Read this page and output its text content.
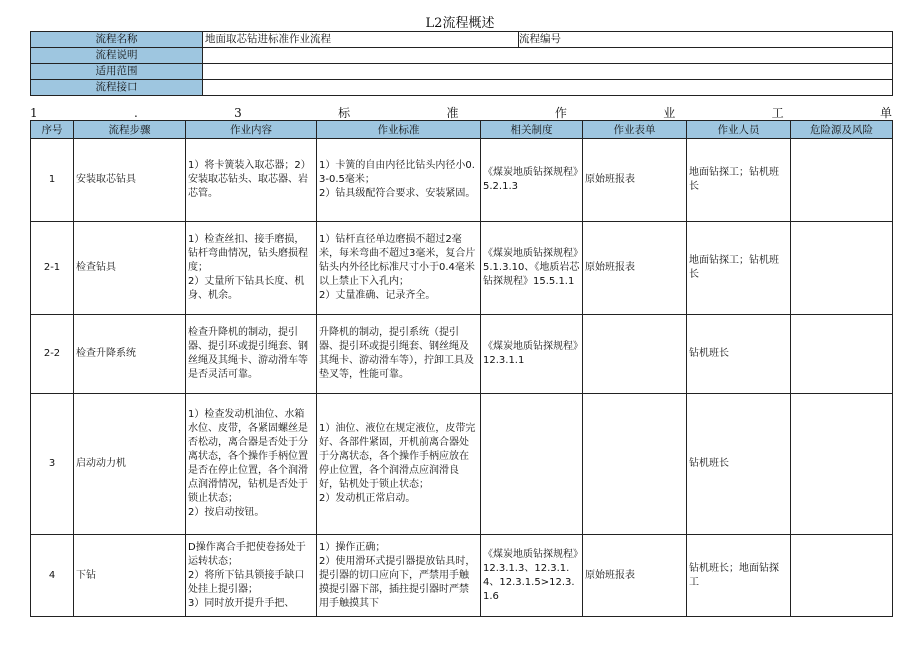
L2流程概述
流程名称	地面取芯钻进标准作业流程	流程编号
流程说明		
适用范围		
流程接口		
1	.	3	标	准	作	业	工	单
序号	流程步骤	作业内容	作业标准	相关制度	作业表单	作业人员	危险源及风险
1	安装取芯钻具	1）将卡簧装入取芯器；2）安装取芯钻头、取芯器、岩芯管。	1）卡簧的自由内径比钻头内径小0.3-0.5毫米；
2）钻具级配符合要求、安装紧固。	《煤炭地质钻探规程》5.2.1.3	原始班报表	地面钻探工；钻机班长	
2-1	检查钻具	1）检查丝扣、接手磨损，钻杆弯曲情况，钻头磨损程度；
2）丈量所下钻具长度、机身、机余。	1）钻杆直径单边磨损不超过2毫米，每米弯曲不超过3毫米，复合片钻头内外径比标准尺寸小于0.4毫米以上禁止下入孔内；
2）丈量准确、记录齐全。	《煤炭地质钻探规程》5.1.3.10、《地质岩芯钻探规程》15.5.1.1	原始班报表	地面钻探工；钻机班长	
2-2	检查升降系统	检查升降机的制动，提引器、提引环或提引绳套、钢丝绳及其绳卡、游动滑车等是否灵活可靠。	升降机的制动，提引系统（提引器、提引环或提引绳套、钢丝绳及其绳卡、游动滑车等），拧卸工具及垫叉等，性能可靠。	《煤炭地质钻探规程》12.3.1.1		钻机班长	
3	启动动力机	1）检查发动机油位、水箱水位、皮带，各紧固螺丝是否松动，离合器是否处于分离状态，各个操作手柄位置是否在停止位置，各个润滑点润滑情况，钻机是否处于锁止状态；
2）按启动按钮。	1）油位、液位在规定液位，皮带完好、各部件紧固，开机前离合器处于分离状态，各个操作手柄应放在停止位置，各个润滑点应润滑良好，钻机处于锁止状态；
2）发动机正常启动。			钻机班长	
4	下钻	D操作离合手把使卷扬处于运转状态；
2）将所下钻具锁接手缺口处挂上提引器；
3）同时放开提升手把、	1）操作正确；
2）使用滑环式提引器提放钻具时，提引器的切口应向下，严禁用手触摸提引器下部，插拄提引器时严禁用手触摸其下	《煤炭地质钻探规程》12.3.1.3、12.3.1.4、12.3.1.5>12.3.1.6	原始班报表	钻机班长；地面钻探工	
